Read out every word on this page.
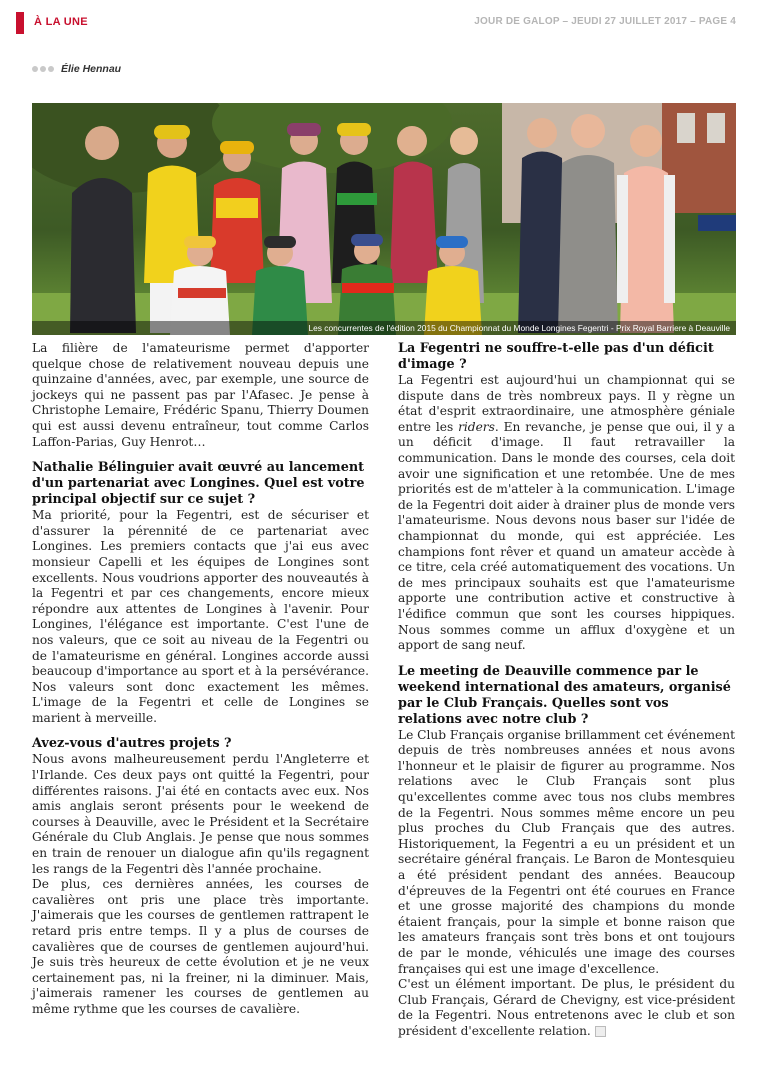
À LA UNE	JOUR DE GALOP – JEUDI 27 JUILLET 2017 – PAGE 4
Élie Hennau
Les concurrentes de l'édition 2015 du Championnat du Monde Longines Fegentri - Prix Royal Barriere à Deauville

La filière de l'amateurisme permet d'apporter quelque chose de relativement nouveau depuis une quinzaine d'années, avec, par exemple, une source de jockeys qui ne passent pas par l'Afasec. Je pense à Christophe Lemaire, Frédéric Spanu, Thierry Doumen qui est aussi devenu entraîneur, tout comme Carlos Laffon-Parias, Guy Henrot…

Nathalie Bélinguier avait œuvré au lancement d'un partenariat avec Longines. Quel est votre principal objectif sur ce sujet ?

Ma priorité, pour la Fegentri, est de sécuriser et d'assurer la pérennité de ce partenariat avec Longines. Les premiers contacts que j'ai eus avec monsieur Capelli et les équipes de Longines sont excellents. Nous voudrions apporter des nouveautés à la Fegentri et par ces changements, encore mieux répondre aux attentes de Longines à l'avenir. Pour Longines, l'élégance est importante. C'est l'une de nos valeurs, que ce soit au niveau de la Fegentri ou de l'amateurisme en général. Longines accorde aussi beaucoup d'importance au sport et à la persévérance. Nos valeurs sont donc exactement les mêmes. L'image de la Fegentri et celle de Longines se marient à merveille.

Avez-vous d'autres projets ?

Nous avons malheureusement perdu l'Angleterre et l'Irlande. Ces deux pays ont quitté la Fegentri, pour différentes raisons. J'ai été en contacts avec eux. Nos amis anglais seront présents pour le weekend de courses à Deauville, avec le Président et la Secrétaire Générale du Club Anglais. Je pense que nous sommes en train de renouer un dialogue afin qu'ils regagnent les rangs de la Fegentri dès l'année prochaine.

De plus, ces dernières années, les courses de cavalières ont pris une place très importante. J'aimerais que les courses de gentlemen rattrapent le retard pris entre temps. Il y a plus de courses de cavalières que de courses de gentlemen aujourd'hui. Je suis très heureux de cette évolution et je ne veux certainement pas, ni la freiner, ni la diminuer. Mais, j'aimerais ramener les courses de gentlemen au même rythme que les courses de cavalière.

La Fegentri ne souffre-t-elle pas d'un déficit d'image ?

La Fegentri est aujourd'hui un championnat qui se dispute dans de très nombreux pays. Il y règne un état d'esprit extraordinaire, une atmosphère géniale entre les riders. En revanche, je pense que oui, il y a un déficit d'image. Il faut retravailler la communication. Dans le monde des courses, cela doit avoir une signification et une retombée. Une de mes priorités est de m'atteler à la communication. L'image de la Fegentri doit aider à drainer plus de monde vers l'amateurisme. Nous devons nous baser sur l'idée de championnat du monde, qui est appréciée. Les champions font rêver et quand un amateur accède à ce titre, cela créé automatiquement des vocations. Un de mes principaux souhaits est que l'amateurisme apporte une contribution active et constructive à l'édifice commun que sont les courses hippiques. Nous sommes comme un afflux d'oxygène et un apport de sang neuf.

Le meeting de Deauville commence par le weekend international des amateurs, organisé par le Club Français. Quelles sont vos relations avec notre club ?

Le Club Français organise brillamment cet événement depuis de très nombreuses années et nous avons l'honneur et le plaisir de figurer au programme. Nos relations avec le Club Français sont plus qu'excellentes comme avec tous nos clubs membres de la Fegentri. Nous sommes même encore un peu plus proches du Club Français que des autres. Historiquement, la Fegentri a eu un président et un secrétaire général français. Le Baron de Montesquieu a été président pendant des années. Beaucoup d'épreuves de la Fegentri ont été courues en France et une grosse majorité des champions du monde étaient français, pour la simple et bonne raison que les amateurs français sont très bons et ont toujours de par le monde, véhiculés une image des courses françaises qui est une image d'excellence.

C'est un élément important. De plus, le président du Club Français, Gérard de Chevigny, est vice-président de la Fegentri. Nous entretenons avec le club et son président d'excellente relation.
